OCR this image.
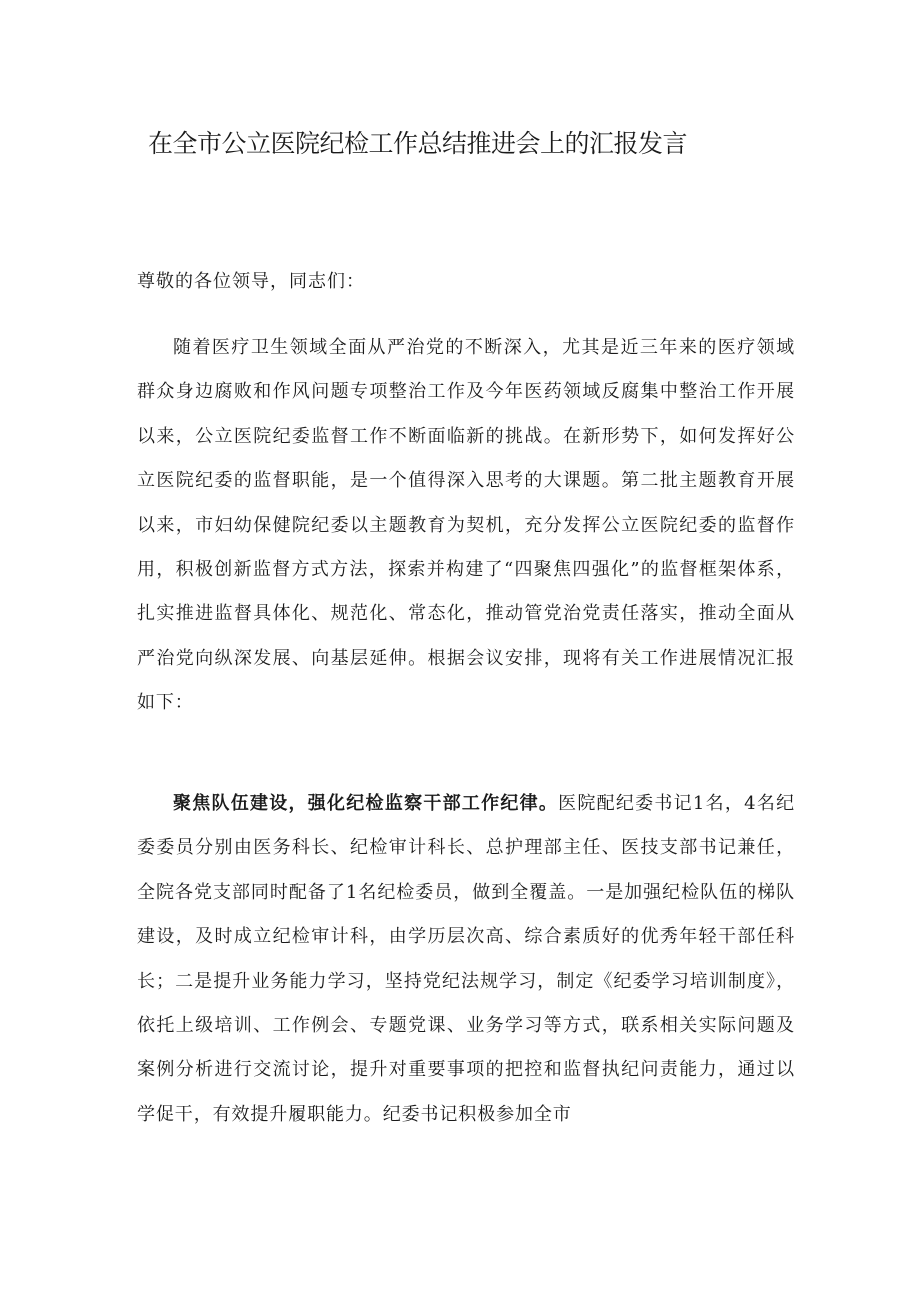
在全市公立医院纪检工作总结推进会上的汇报发言

尊敬的各位领导，同志们：

随着医疗卫生领域全面从严治党的不断深入，尤其是近三年来的医疗领域群众身边腐败和作风问题专项整治工作及今年医药领域反腐集中整治工作开展以来，公立医院纪委监督工作不断面临新的挑战。在新形势下，如何发挥好公立医院纪委的监督职能，是一个值得深入思考的大课题。第二批主题教育开展以来，市妇幼保健院纪委以主题教育为契机，充分发挥公立医院纪委的监督作用，积极创新监督方式方法，探索并构建了“四聚焦四强化”的监督框架体系，扎实推进监督具体化、规范化、常态化，推动管党治党责任落实，推动全面从严治党向纵深发展、向基层延伸。根据会议安排，现将有关工作进展情况汇报如下：

聚焦队伍建设，强化纪检监察干部工作纪律。医院配纪委书记1名，4名纪委委员分别由医务科长、纪检审计科长、总护理部主任、医技支部书记兼任，全院各党支部同时配备了1名纪检委员，做到全覆盖。一是加强纪检队伍的梯队建设，及时成立纪检审计科，由学历层次高、综合素质好的优秀年轻干部任科长；二是提升业务能力学习，坚持党纪法规学习，制定《纪委学习培训制度》，依托上级培训、工作例会、专题党课、业务学习等方式，联系相关实际问题及案例分析进行交流讨论，提升对重要事项的把控和监督执纪问责能力，通过以学促干，有效提升履职能力。纪委书记积极参加全市
